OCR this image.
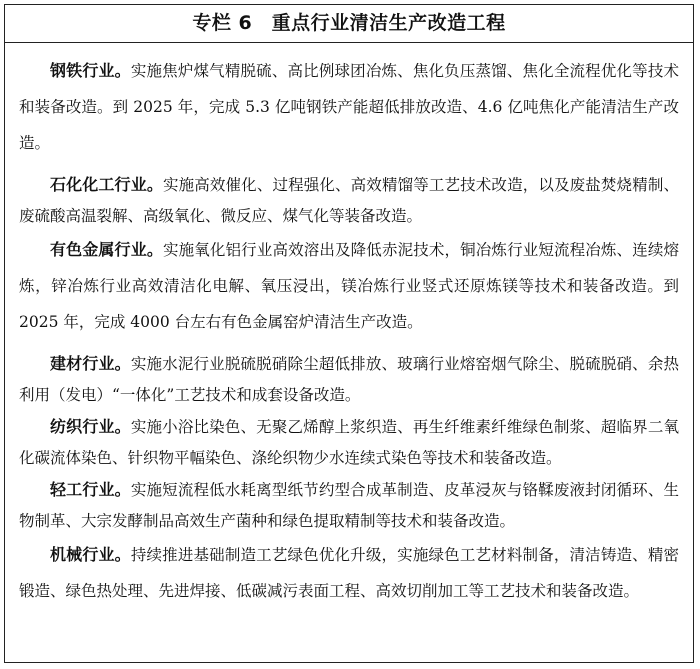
专栏 6　重点行业清洁生产改造工程

钢铁行业。实施焦炉煤气精脱硫、高比例球团冶炼、焦化负压蒸馏、焦化全流程优化等技术和装备改造。到 2025 年，完成 5.3 亿吨钢铁产能超低排放改造、4.6 亿吨焦化产能清洁生产改造。

石化化工行业。实施高效催化、过程强化、高效精馏等工艺技术改造，以及废盐焚烧精制、废硫酸高温裂解、高级氧化、微反应、煤气化等装备改造。

有色金属行业。实施氧化铝行业高效溶出及降低赤泥技术，铜冶炼行业短流程冶炼、连续熔炼，锌冶炼行业高效清洁化电解、氧压浸出，镁冶炼行业竖式还原炼镁等技术和装备改造。到 2025 年，完成 4000 台左右有色金属窑炉清洁生产改造。

建材行业。实施水泥行业脱硫脱硝除尘超低排放、玻璃行业熔窑烟气除尘、脱硫脱硝、余热利用（发电）“一体化”工艺技术和成套设备改造。

纺织行业。实施小浴比染色、无聚乙烯醇上浆织造、再生纤维素纤维绿色制浆、超临界二氧化碳流体染色、针织物平幅染色、涤纶织物少水连续式染色等技术和装备改造。

轻工行业。实施短流程低水耗离型纸节约型合成革制造、皮革浸灰与铬鞣废液封闭循环、生物制革、大宗发酵制品高效生产菌种和绿色提取精制等技术和装备改造。

机械行业。持续推进基础制造工艺绿色优化升级，实施绿色工艺材料制备，清洁铸造、精密锻造、绿色热处理、先进焊接、低碳减污表面工程、高效切削加工等工艺技术和装备改造。
